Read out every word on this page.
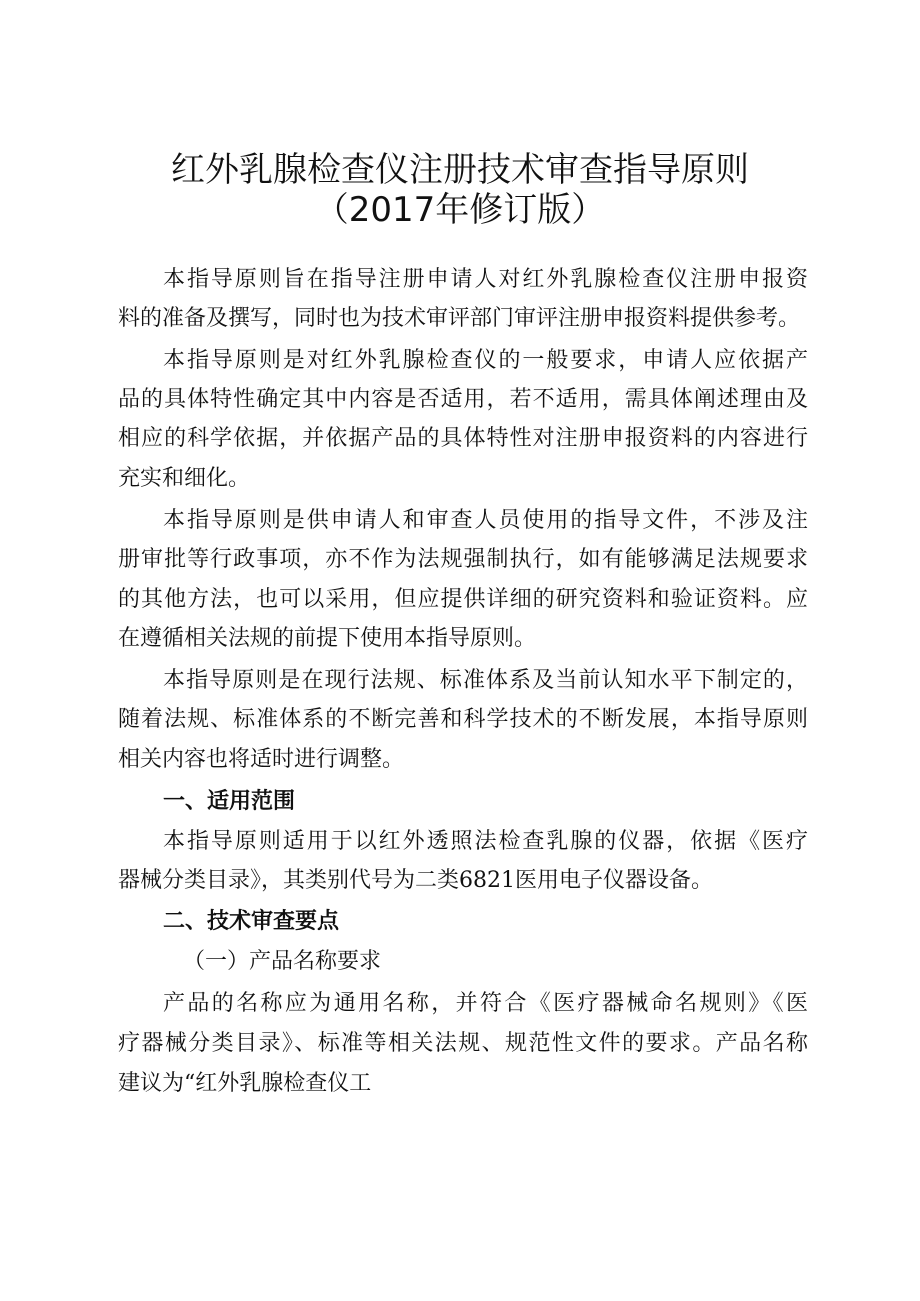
红外乳腺检查仪注册技术审查指导原则
（2017年修订版）
本指导原则旨在指导注册申请人对红外乳腺检查仪注册申报资
料的准备及撰写，同时也为技术审评部门审评注册申报资料提供参考。
本指导原则是对红外乳腺检查仪的一般要求，申请人应依据产
品的具体特性确定其中内容是否适用，若不适用，需具体阐述理由及
相应的科学依据，并依据产品的具体特性对注册申报资料的内容进行
充实和细化。
本指导原则是供申请人和审查人员使用的指导文件，不涉及注
册审批等行政事项，亦不作为法规强制执行，如有能够满足法规要求
的其他方法，也可以采用，但应提供详细的研究资料和验证资料。应
在遵循相关法规的前提下使用本指导原则。
本指导原则是在现行法规、标准体系及当前认知水平下制定的，
随着法规、标准体系的不断完善和科学技术的不断发展，本指导原则
相关内容也将适时进行调整。
一、适用范围
本指导原则适用于以红外透照法检查乳腺的仪器，依据《医疗
器械分类目录》，其类别代号为二类6821医用电子仪器设备。
二、技术审查要点
（一）产品名称要求
产品的名称应为通用名称，并符合《医疗器械命名规则》《医
疗器械分类目录》、标准等相关法规、规范性文件的要求。产品名称
建议为“红外乳腺检查仪工
